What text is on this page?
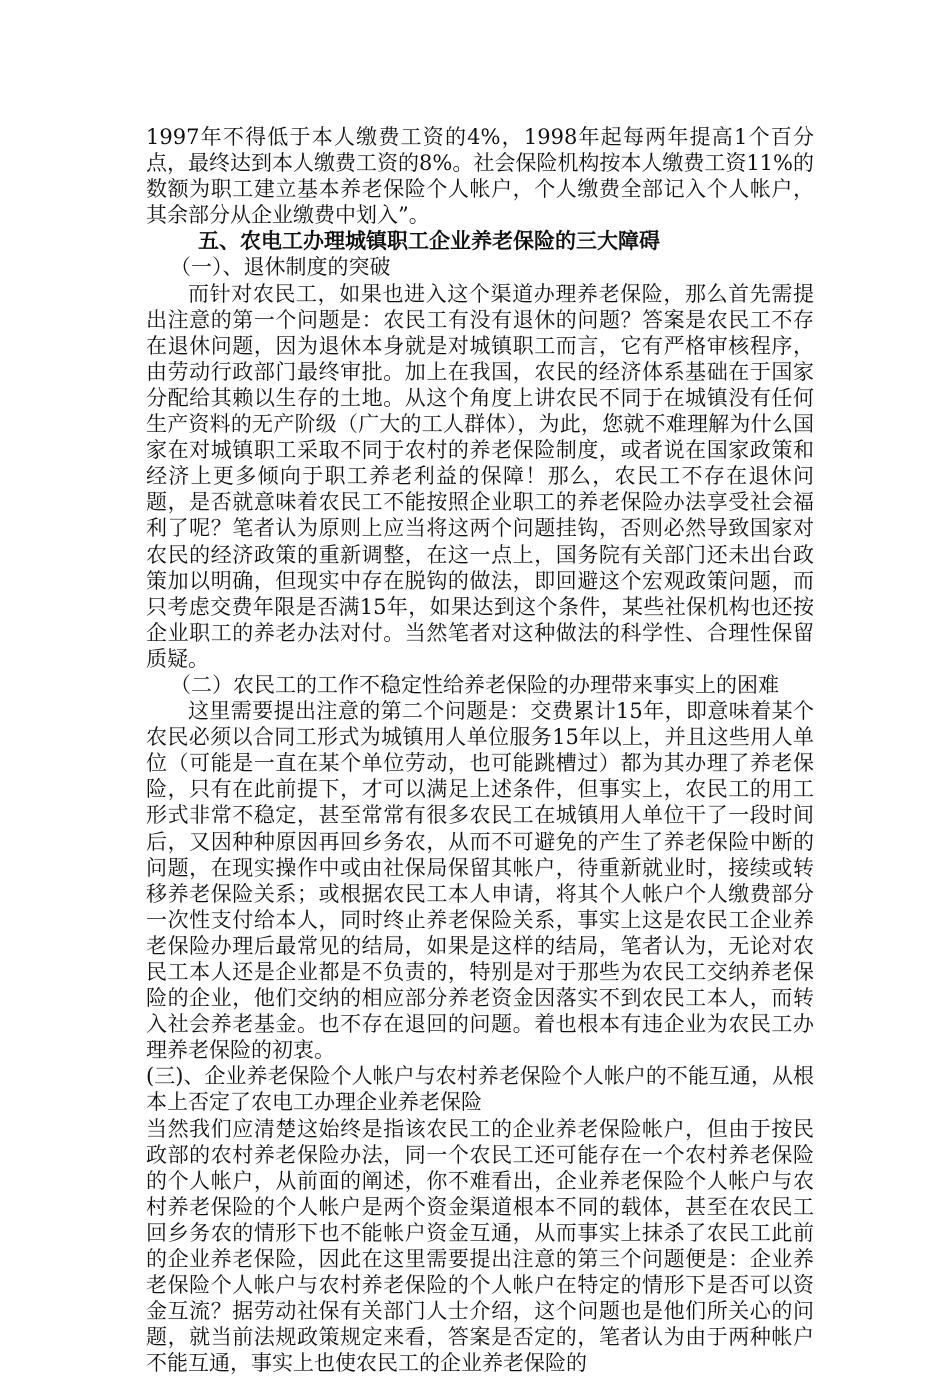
1997年不得低于本人缴费工资的4%，1998年起每两年提高1个百分点，最终达到本人缴费工资的8%。社会保险机构按本人缴费工资11%的数额为职工建立基本养老保险个人帐户，个人缴费全部记入个人帐户，其余部分从企业缴费中划入”。

五、农电工办理城镇职工企业养老保险的三大障碍

（一）、退休制度的突破

而针对农民工，如果也进入这个渠道办理养老保险，那么首先需提出注意的第一个问题是：农民工有没有退休的问题？答案是农民工不存在退休问题，因为退休本身就是对城镇职工而言，它有严格审核程序，由劳动行政部门最终审批。加上在我国，农民的经济体系基础在于国家分配给其赖以生存的土地。从这个角度上讲农民不同于在城镇没有任何生产资料的无产阶级（广大的工人群体），为此，您就不难理解为什么国家在对城镇职工采取不同于农村的养老保险制度，或者说在国家政策和经济上更多倾向于职工养老利益的保障！那么，农民工不存在退休问题，是否就意味着农民工不能按照企业职工的养老保险办法享受社会福利了呢？笔者认为原则上应当将这两个问题挂钩，否则必然导致国家对农民的经济政策的重新调整，在这一点上，国务院有关部门还未出台政策加以明确，但现实中存在脱钩的做法，即回避这个宏观政策问题，而只考虑交费年限是否满15年，如果达到这个条件，某些社保机构也还按企业职工的养老办法对付。当然笔者对这种做法的科学性、合理性保留质疑。

（二）农民工的工作不稳定性给养老保险的办理带来事实上的困难

这里需要提出注意的第二个问题是：交费累计15年，即意味着某个农民必须以合同工形式为城镇用人单位服务15年以上，并且这些用人单位（可能是一直在某个单位劳动，也可能跳槽过）都为其办理了养老保险，只有在此前提下，才可以满足上述条件，但事实上，农民工的用工形式非常不稳定，甚至常常有很多农民工在城镇用人单位干了一段时间后，又因种种原因再回乡务农，从而不可避免的产生了养老保险中断的问题，在现实操作中或由社保局保留其帐户，待重新就业时，接续或转移养老保险关系；或根据农民工本人申请，将其个人帐户个人缴费部分一次性支付给本人，同时终止养老保险关系，事实上这是农民工企业养老保险办理后最常见的结局，如果是这样的结局，笔者认为，无论对农民工本人还是企业都是不负责的，特别是对于那些为农民工交纳养老保险的企业，他们交纳的相应部分养老资金因落实不到农民工本人，而转入社会养老基金。也不存在退回的问题。着也根本有违企业为农民工办理养老保险的初衷。

(三)、企业养老保险个人帐户与农村养老保险个人帐户的不能互通，从根本上否定了农电工办理企业养老保险

当然我们应清楚这始终是指该农民工的企业养老保险帐户，但由于按民政部的农村养老保险办法，同一个农民工还可能存在一个农村养老保险的个人帐户，从前面的阐述，你不难看出，企业养老保险个人帐户与农村养老保险的个人帐户是两个资金渠道根本不同的载体，甚至在农民工回乡务农的情形下也不能帐户资金互通，从而事实上抹杀了农民工此前的企业养老保险，因此在这里需要提出注意的第三个问题便是：企业养老保险个人帐户与农村养老保险的个人帐户在特定的情形下是否可以资金互流？据劳动社保有关部门人士介绍，这个问题也是他们所关心的问题，就当前法规政策规定来看，答案是否定的，笔者认为由于两种帐户不能互通，事实上也使农民工的企业养老保险的
